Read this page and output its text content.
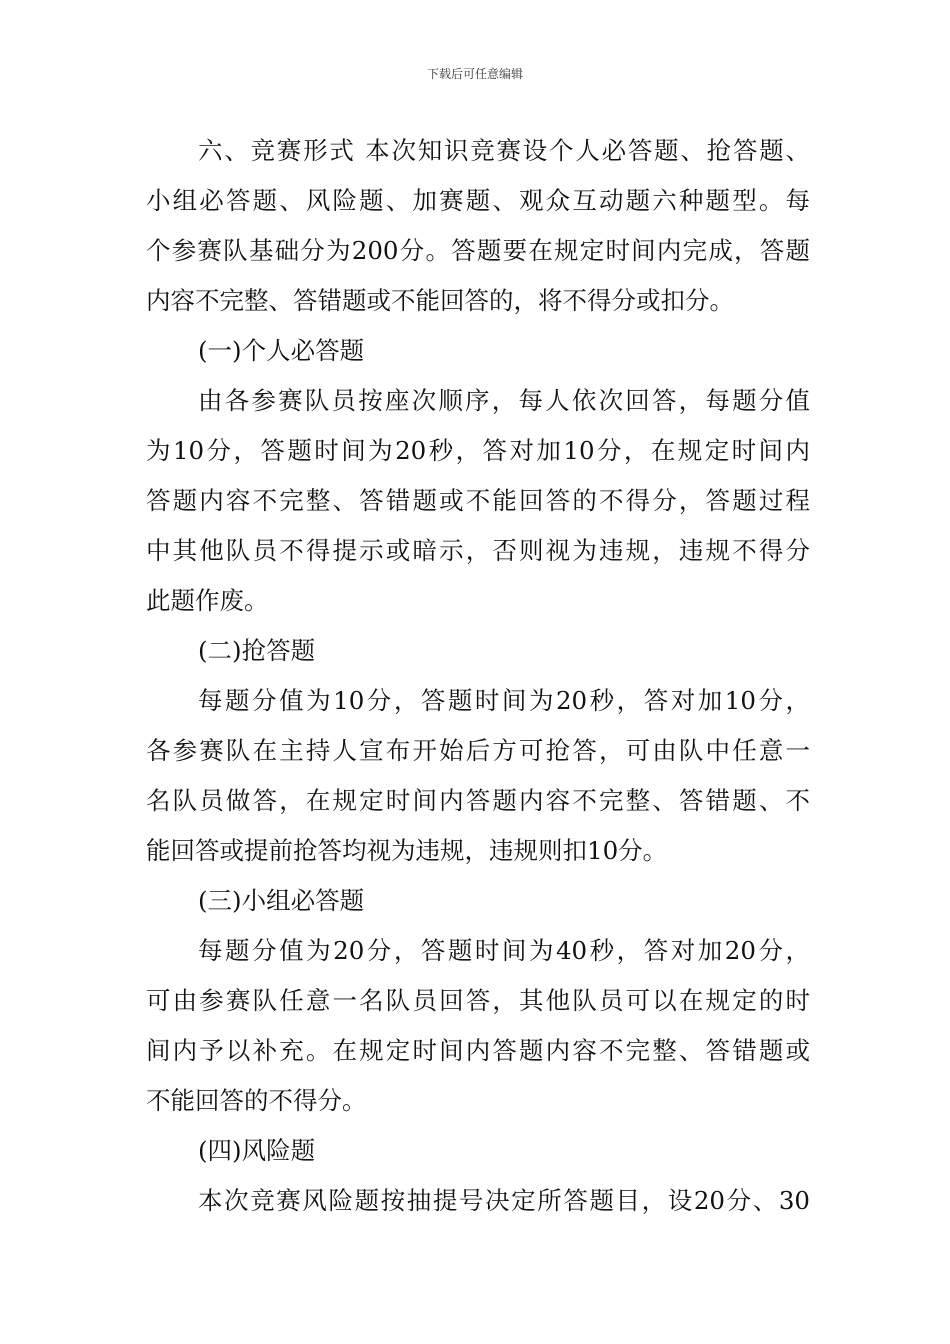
下载后可任意编辑
六、竞赛形式 本次知识竞赛设个人必答题、抢答题、
小组必答题、风险题、加赛题、观众互动题六种题型。每
个参赛队基础分为200分。答题要在规定时间内完成，答题
内容不完整、答错题或不能回答的，将不得分或扣分。
(一)个人必答题
由各参赛队员按座次顺序，每人依次回答，每题分值
为10分，答题时间为20秒，答对加10分，在规定时间内
答题内容不完整、答错题或不能回答的不得分，答题过程
中其他队员不得提示或暗示，否则视为违规，违规不得分
此题作废。
(二)抢答题
每题分值为10分，答题时间为20秒，答对加10分，
各参赛队在主持人宣布开始后方可抢答，可由队中任意一
名队员做答，在规定时间内答题内容不完整、答错题、不
能回答或提前抢答均视为违规，违规则扣10分。
(三)小组必答题
每题分值为20分，答题时间为40秒，答对加20分，
可由参赛队任意一名队员回答，其他队员可以在规定的时
间内予以补充。在规定时间内答题内容不完整、答错题或
不能回答的不得分。
(四)风险题
本次竞赛风险题按抽提号决定所答题目，设20分、30
